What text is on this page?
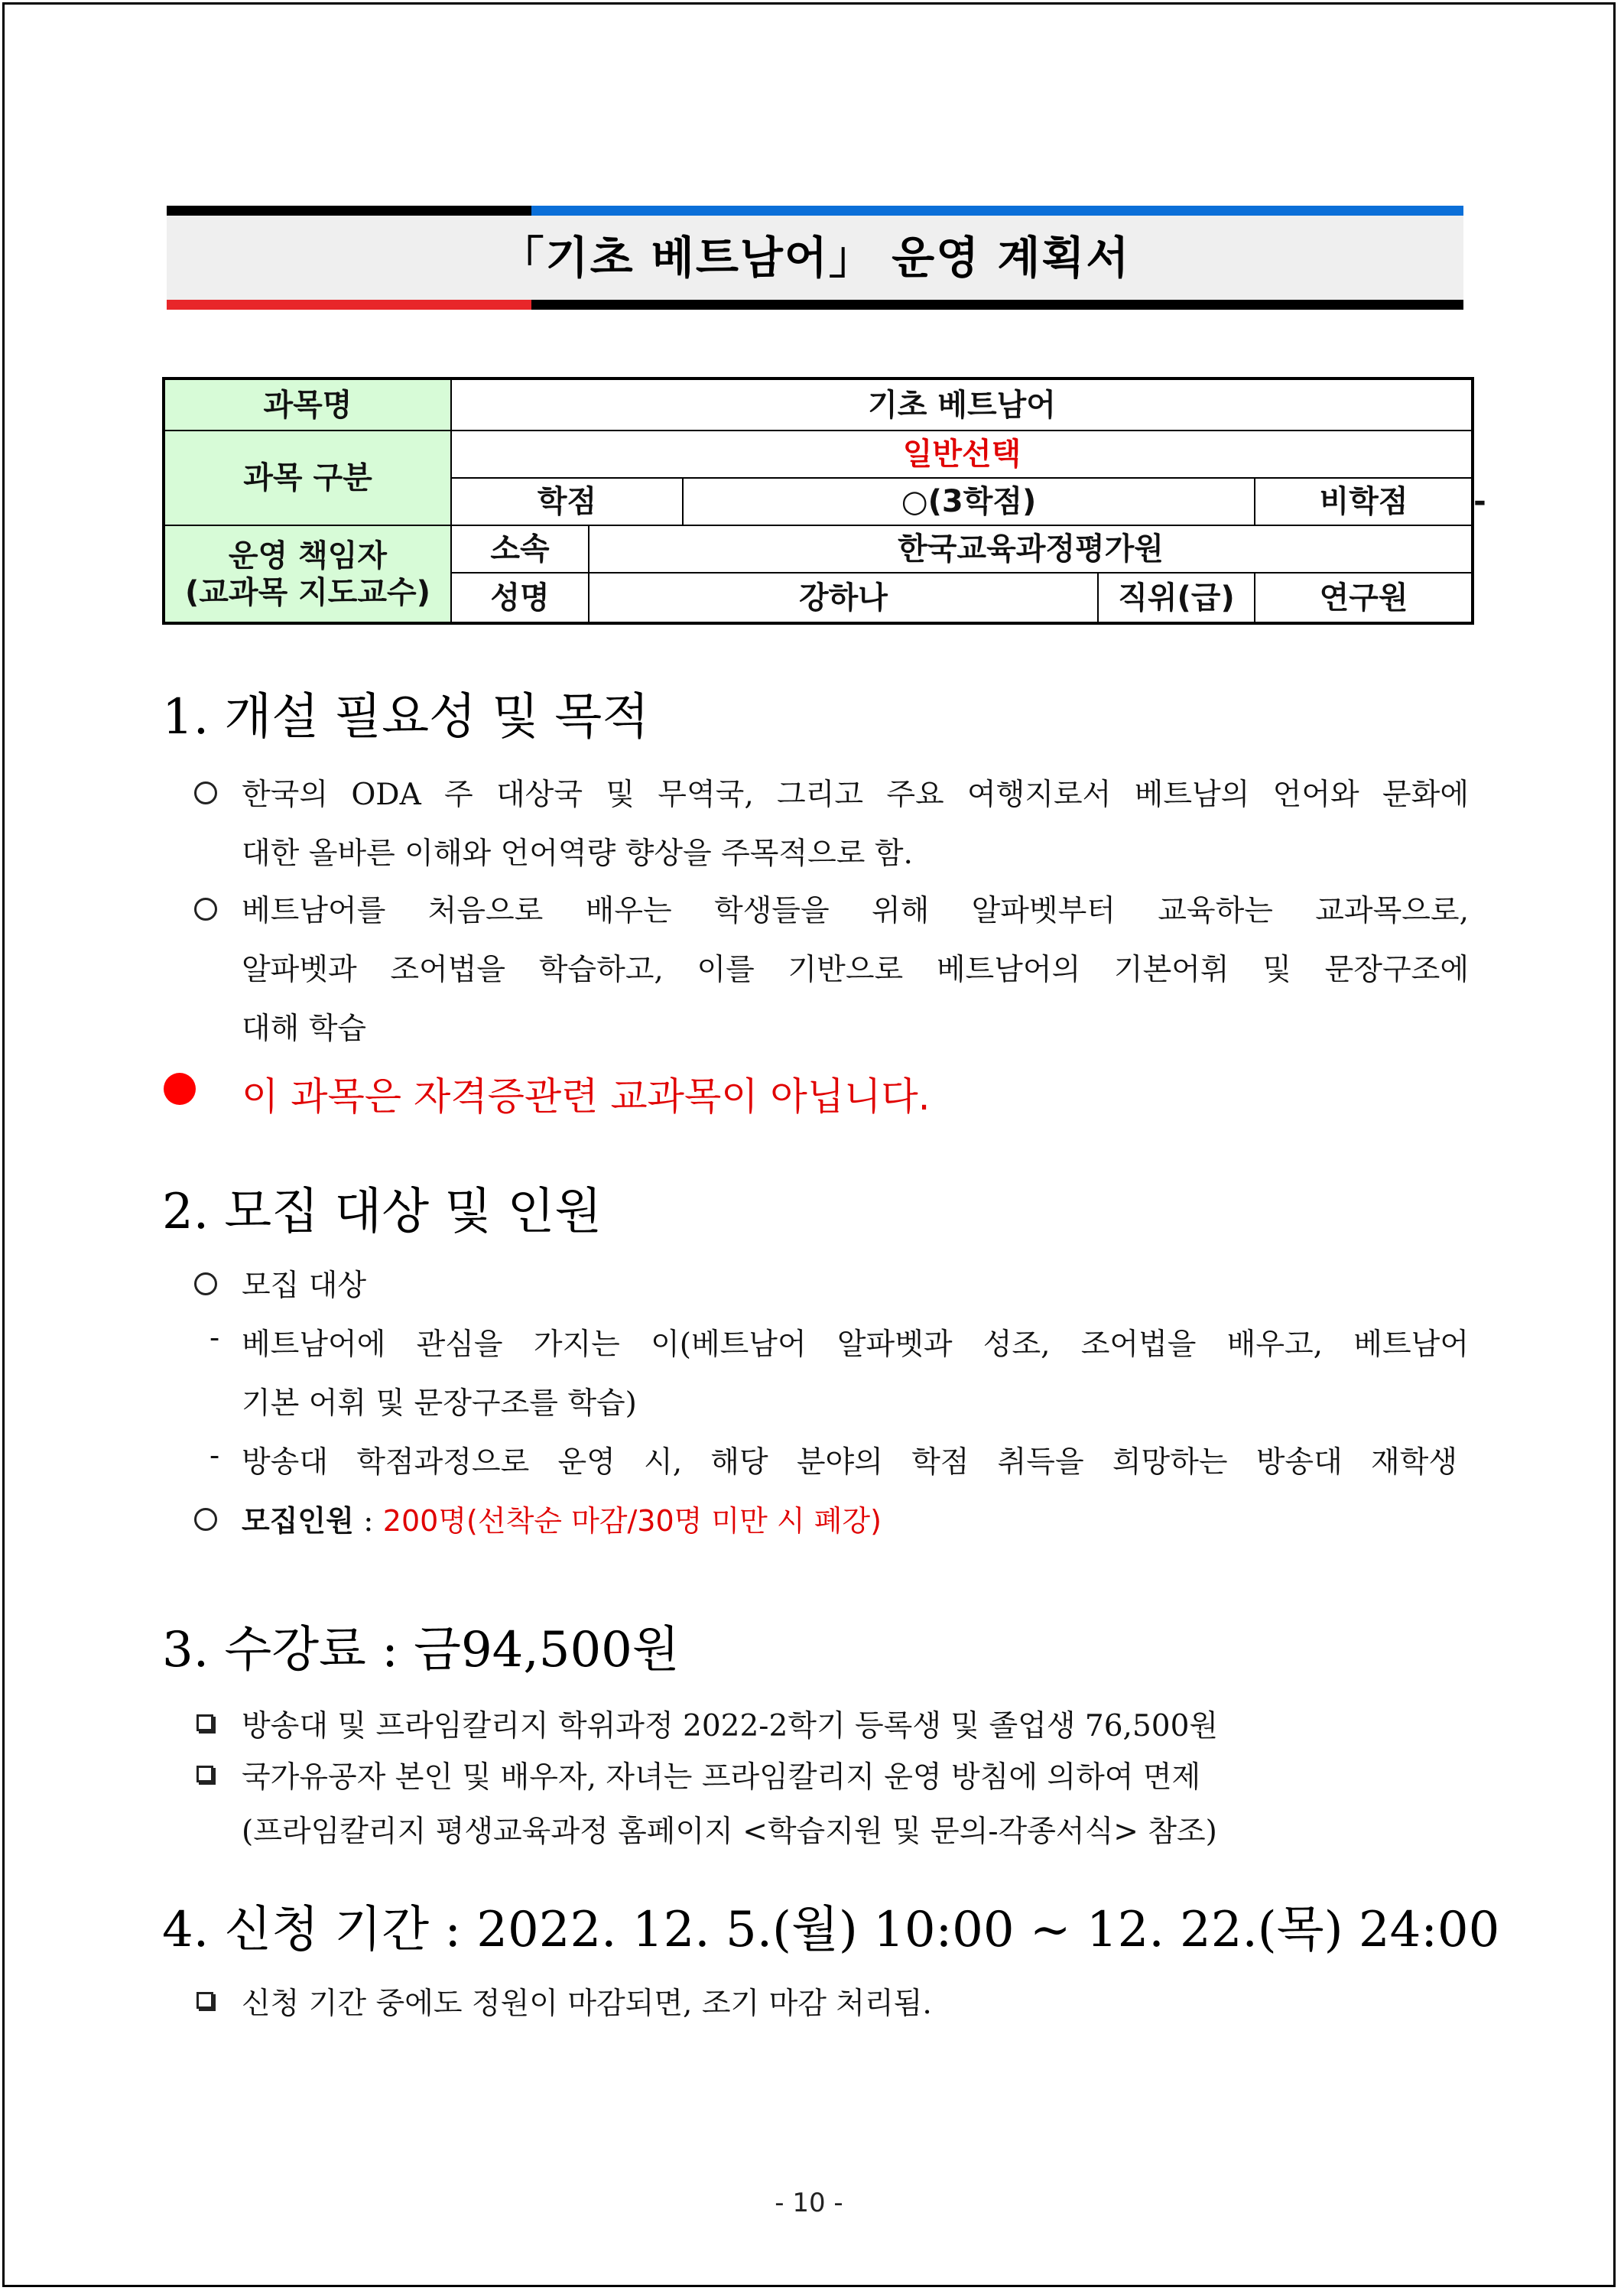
「기초 베트남어」 운영 계획서
과목명	기초 베트남어					
과목 구분	일반선택					
	학점		○(3학점)		비학점	-
운영 책임자
(교과목 지도교수)	소속	한국교육과정평가원				
	성명	강하나		직위(급)	연구원	
1. 개설 필요성 및 목적
한국의 ODA 주 대상국 및 무역국, 그리고 주요 여행지로서 베트남의 언어와 문화에
대한 올바른 이해와 언어역량 향상을 주목적으로 함.
베트남어를 처음으로 배우는 학생들을 위해 알파벳부터 교육하는 교과목으로,
알파벳과 조어법을 학습하고, 이를 기반으로 베트남어의 기본어휘 및 문장구조에
대해 학습
이 과목은 자격증관련 교과목이 아닙니다.
2. 모집 대상 및 인원
모집 대상
- 베트남어에 관심을 가지는 이(베트남어 알파벳과 성조, 조어법을 배우고, 베트남어
기본 어휘 및 문장구조를 학습)
- 방송대 학점과정으로 운영 시, 해당 분야의 학점 취득을 희망하는 방송대 재학생
모집인원 : 200명(선착순 마감/30명 미만 시 폐강)
3. 수강료 : 금94,500원
방송대 및 프라임칼리지 학위과정 2022-2학기 등록생 및 졸업생 76,500원
국가유공자 본인 및 배우자, 자녀는 프라임칼리지 운영 방침에 의하여 면제
(프라임칼리지 평생교육과정 홈페이지 <학습지원 및 문의-각종서식> 참조)
4. 신청 기간 : 2022. 12. 5.(월) 10:00 ~ 12. 22.(목) 24:00
신청 기간 중에도 정원이 마감되면, 조기 마감 처리됨.
- 10 -
